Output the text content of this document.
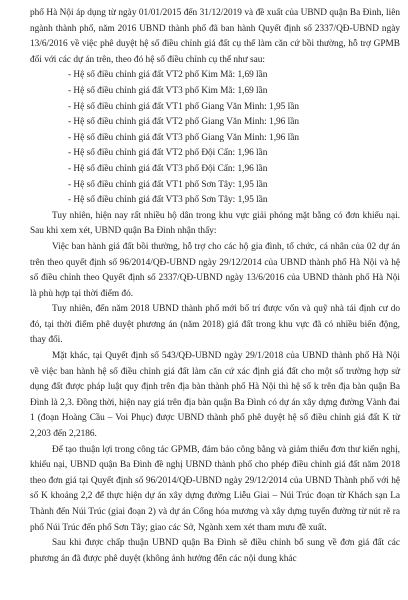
phố Hà Nội áp dụng từ ngày 01/01/2015 đến 31/12/2019 và đề xuất của UBND quận Ba Đình, liên ngành thành phố, năm 2016 UBND thành phố đã ban hành Quyết định số 2337/QĐ-UBND ngày 13/6/2016 về việc phê duyệt hệ số điều chỉnh giá đất cụ thể làm căn cứ bồi thường, hỗ trợ GPMB đối với các dự án trên, theo đó hệ số điều chỉnh cụ thể như sau:

- Hệ số điều chỉnh giá đất VT2 phố Kim Mã: 1,69 lần
- Hệ số điều chỉnh giá đất VT3 phố Kim Mã: 1,69 lần
- Hệ số điều chỉnh giá đất VT1 phố Giang Văn Minh: 1,95 lần
- Hệ số điều chỉnh giá đất VT2 phố Giang Văn Minh: 1,96 lần
- Hệ số điều chỉnh giá đất VT3 phố Giang Văn Minh: 1,96 lần
- Hệ số điều chỉnh giá đất VT2 phố Đội Cấn: 1,96 lần
- Hệ số điều chỉnh giá đất VT3 phố Đội Cấn: 1,96 lần
- Hệ số điều chỉnh giá đất VT1 phố Sơn Tây: 1,95 lần
- Hệ số điều chỉnh giá đất VT3 phố Sơn Tây: 1,95 lần

Tuy nhiên, hiện nay rất nhiều hộ dân trong khu vực giải phóng mặt bằng có đơn khiếu nại. Sau khi xem xét, UBND quận Ba Đình nhận thấy:

Việc ban hành giá đất bồi thường, hỗ trợ cho các hộ gia đình, tổ chức, cá nhân của 02 dự án trên theo quyết định số 96/2014/QĐ-UBND ngày 29/12/2014 của UBND thành phố Hà Nội và hệ số điều chỉnh theo Quyết định số 2337/QĐ-UBND ngày 13/6/2016 của UBND thành phố Hà Nội là phù hợp tại thời điểm đó.

Tuy nhiên, đến năm 2018 UBND thành phố mới bố trí được vốn và quỹ nhà tái định cư do đó, tại thời điểm phê duyệt phương án (năm 2018) giá đất trong khu vực đã có nhiều biến động, thay đổi.

Mặt khác, tại Quyết định số 543/QĐ-UBND ngày 29/1/2018 của UBND thành phố Hà Nội về việc ban hành hệ số điều chỉnh giá đất làm căn cứ xác định giá đất cho một số trường hợp sử dụng đất được pháp luật quy định trên địa bàn thành phố Hà Nội thì hệ số k trên địa bàn quận Ba Đình là 2,3. Đồng thời, hiện nay giá trên địa bàn quận Ba Đình có dự án xây dựng đường Vành đai 1 (đoạn Hoàng Cầu – Voi Phục) được UBND thành phố phê duyệt hệ số điều chỉnh giá đất K từ 2,203 đến 2,2186.

Để tạo thuận lợi trong công tác GPMB, đảm bảo công bằng và giảm thiểu đơn thư kiến nghị, khiếu nại, UBND quận Ba Đình đề nghị UBND thành phố cho phép điều chỉnh giá đất năm 2018 theo đơn giá tại Quyết định số 96/2014/QĐ-UBND ngày 29/12/2014 của UBND Thành phố với hệ số K khoảng 2,2 để thực hiện dự án xây dựng đường Liễu Giai – Núi Trúc đoạn từ Khách sạn La Thành đến Núi Trúc (giai đoạn 2) và dự án Cống hóa mương và xây dựng tuyến đường từ nút rẽ ra phố Núi Trúc đến phố Sơn Tây; giao các Sở, Ngành xem xét tham mưu đề xuất.

Sau khi được chấp thuận UBND quận Ba Đình sẽ điều chỉnh bổ sung về đơn giá đất các phương án đã được phê duyệt (không ảnh hưởng đến các nội dung khác
